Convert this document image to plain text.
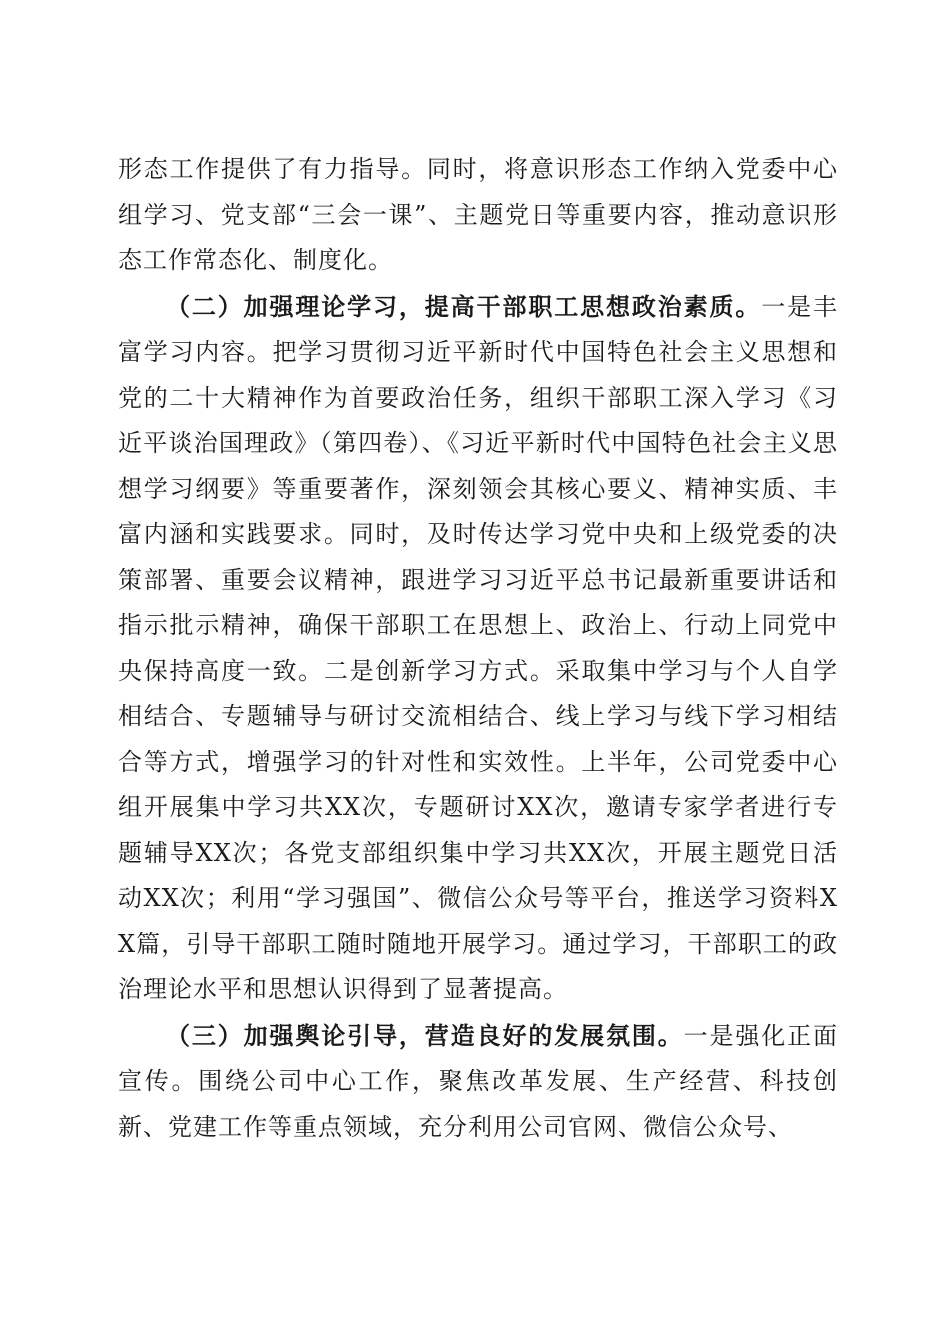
形态工作提供了有力指导。同时，将意识形态工作纳入党委中心组学习、党支部“三会一课”、主题党日等重要内容，推动意识形态工作常态化、制度化。

（二）加强理论学习，提高干部职工思想政治素质。一是丰富学习内容。把学习贯彻习近平新时代中国特色社会主义思想和党的二十大精神作为首要政治任务，组织干部职工深入学习《习近平谈治国理政》（第四卷）、《习近平新时代中国特色社会主义思想学习纲要》等重要著作，深刻领会其核心要义、精神实质、丰富内涵和实践要求。同时，及时传达学习党中央和上级党委的决策部署、重要会议精神，跟进学习习近平总书记最新重要讲话和指示批示精神，确保干部职工在思想上、政治上、行动上同党中央保持高度一致。二是创新学习方式。采取集中学习与个人自学相结合、专题辅导与研讨交流相结合、线上学习与线下学习相结合等方式，增强学习的针对性和实效性。上半年，公司党委中心组开展集中学习共XX次，专题研讨XX次，邀请专家学者进行专题辅导XX次；各党支部组织集中学习共XX次，开展主题党日活动XX次；利用“学习强国”、微信公众号等平台，推送学习资料XX篇，引导干部职工随时随地开展学习。通过学习，干部职工的政治理论水平和思想认识得到了显著提高。

（三）加强舆论引导，营造良好的发展氛围。一是强化正面宣传。围绕公司中心工作，聚焦改革发展、生产经营、科技创新、党建工作等重点领域，充分利用公司官网、微信公众号、
